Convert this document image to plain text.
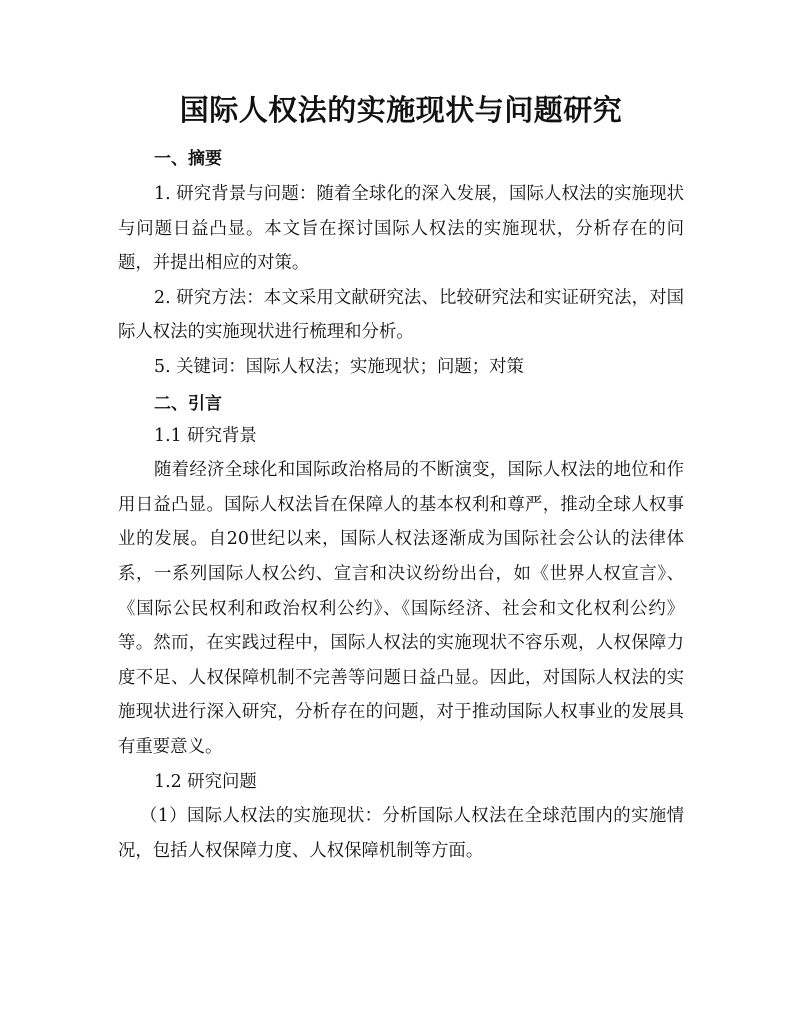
国际人权法的实施现状与问题研究
一、摘要

1. 研究背景与问题：随着全球化的深入发展，国际人权法的实施现状与问题日益凸显。本文旨在探讨国际人权法的实施现状，分析存在的问题，并提出相应的对策。

2. 研究方法：本文采用文献研究法、比较研究法和实证研究法，对国际人权法的实施现状进行梳理和分析。

5. 关键词：国际人权法；实施现状；问题；对策

二、引言

1.1 研究背景

随着经济全球化和国际政治格局的不断演变，国际人权法的地位和作用日益凸显。国际人权法旨在保障人的基本权利和尊严，推动全球人权事业的发展。自20世纪以来，国际人权法逐渐成为国际社会公认的法律体系，一系列国际人权公约、宣言和决议纷纷出台，如《世界人权宣言》、《国际公民权利和政治权利公约》、《国际经济、社会和文化权利公约》等。然而，在实践过程中，国际人权法的实施现状不容乐观，人权保障力度不足、人权保障机制不完善等问题日益凸显。因此，对国际人权法的实施现状进行深入研究，分析存在的问题，对于推动国际人权事业的发展具有重要意义。

1.2 研究问题

（1）国际人权法的实施现状：分析国际人权法在全球范围内的实施情况，包括人权保障力度、人权保障机制等方面。
